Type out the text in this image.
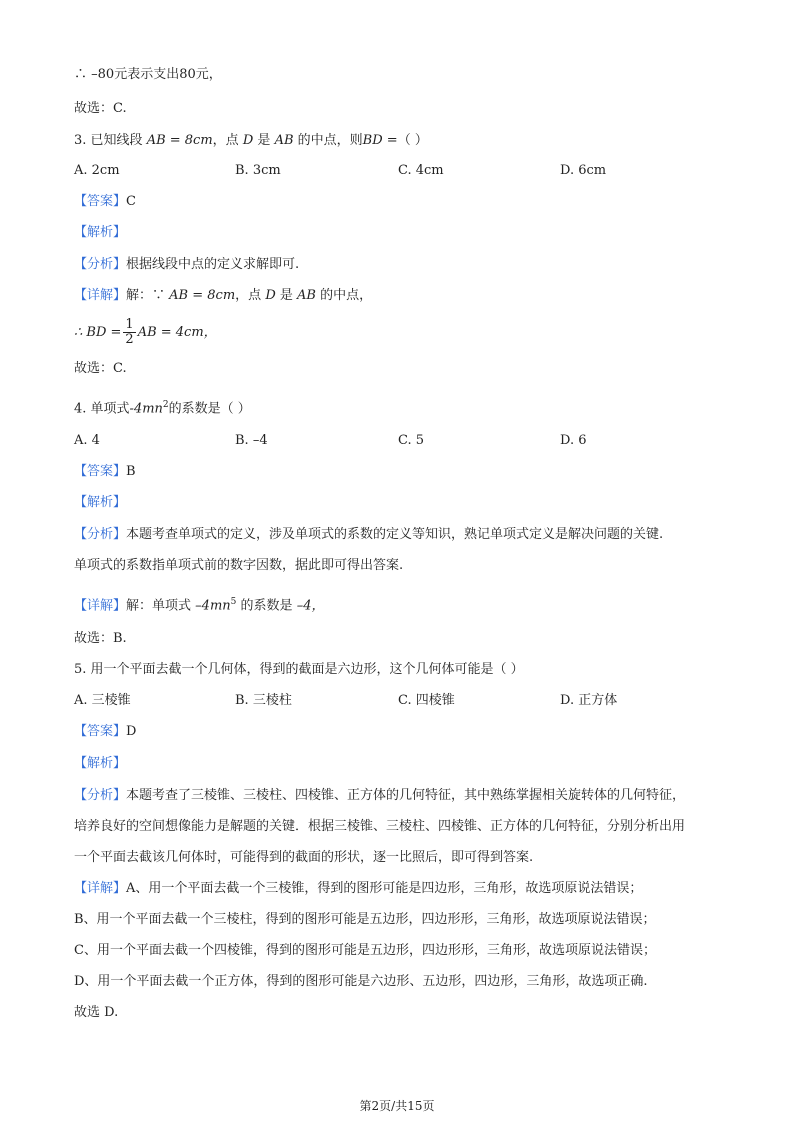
∴ –80元表示支出80元，
故选：C.
3. 已知线段 AB = 8cm，点 D 是 AB 的中点，则BD =（ ）
A. 2cm	B. 3cm	C. 4cm	D. 6cm
【答案】C
【解析】
【分析】根据线段中点的定义求解即可.
【详解】解：∵ AB = 8cm，点 D 是 AB 的中点，
∴ BD = $\frac{1}{2}$ AB = 4cm，
故选：C.
4. 单项式$-4mn^2$的系数是（ ）
A. 4	B. –4	C. 5	D. 6
【答案】B
【解析】
【分析】本题考查单项式的定义，涉及单项式的系数的定义等知识，熟记单项式定义是解决问题的关键.
单项式的系数指单项式前的数字因数，据此即可得出答案.
【详解】解：单项式 $-4mn^5$ 的系数是 –4，
故选：B.
5. 用一个平面去截一个几何体，得到的截面是六边形，这个几何体可能是（ ）
A. 三棱锥	B. 三棱柱	C. 四棱锥	D. 正方体
【答案】D
【解析】
【分析】本题考查了三棱锥、三棱柱、四棱锥、正方体的几何特征，其中熟练掌握相关旋转体的几何特征，
培养良好的空间想像能力是解题的关键．根据三棱锥、三棱柱、四棱锥、正方体的几何特征，分别分析出用
一个平面去截该几何体时，可能得到的截面的形状，逐一比照后，即可得到答案.
【详解】A、用一个平面去截一个三棱锥，得到的图形可能是四边形，三角形，故选项原说法错误；
B、用一个平面去截一个三棱柱，得到的图形可能是五边形，四边形形，三角形，故选项原说法错误；
C、用一个平面去截一个四棱锥，得到的图形可能是五边形，四边形形，三角形，故选项原说法错误；
D、用一个平面去截一个正方体，得到的图形可能是六边形、五边形，四边形，三角形，故选项正确.
故选 D.
第2页/共15页
